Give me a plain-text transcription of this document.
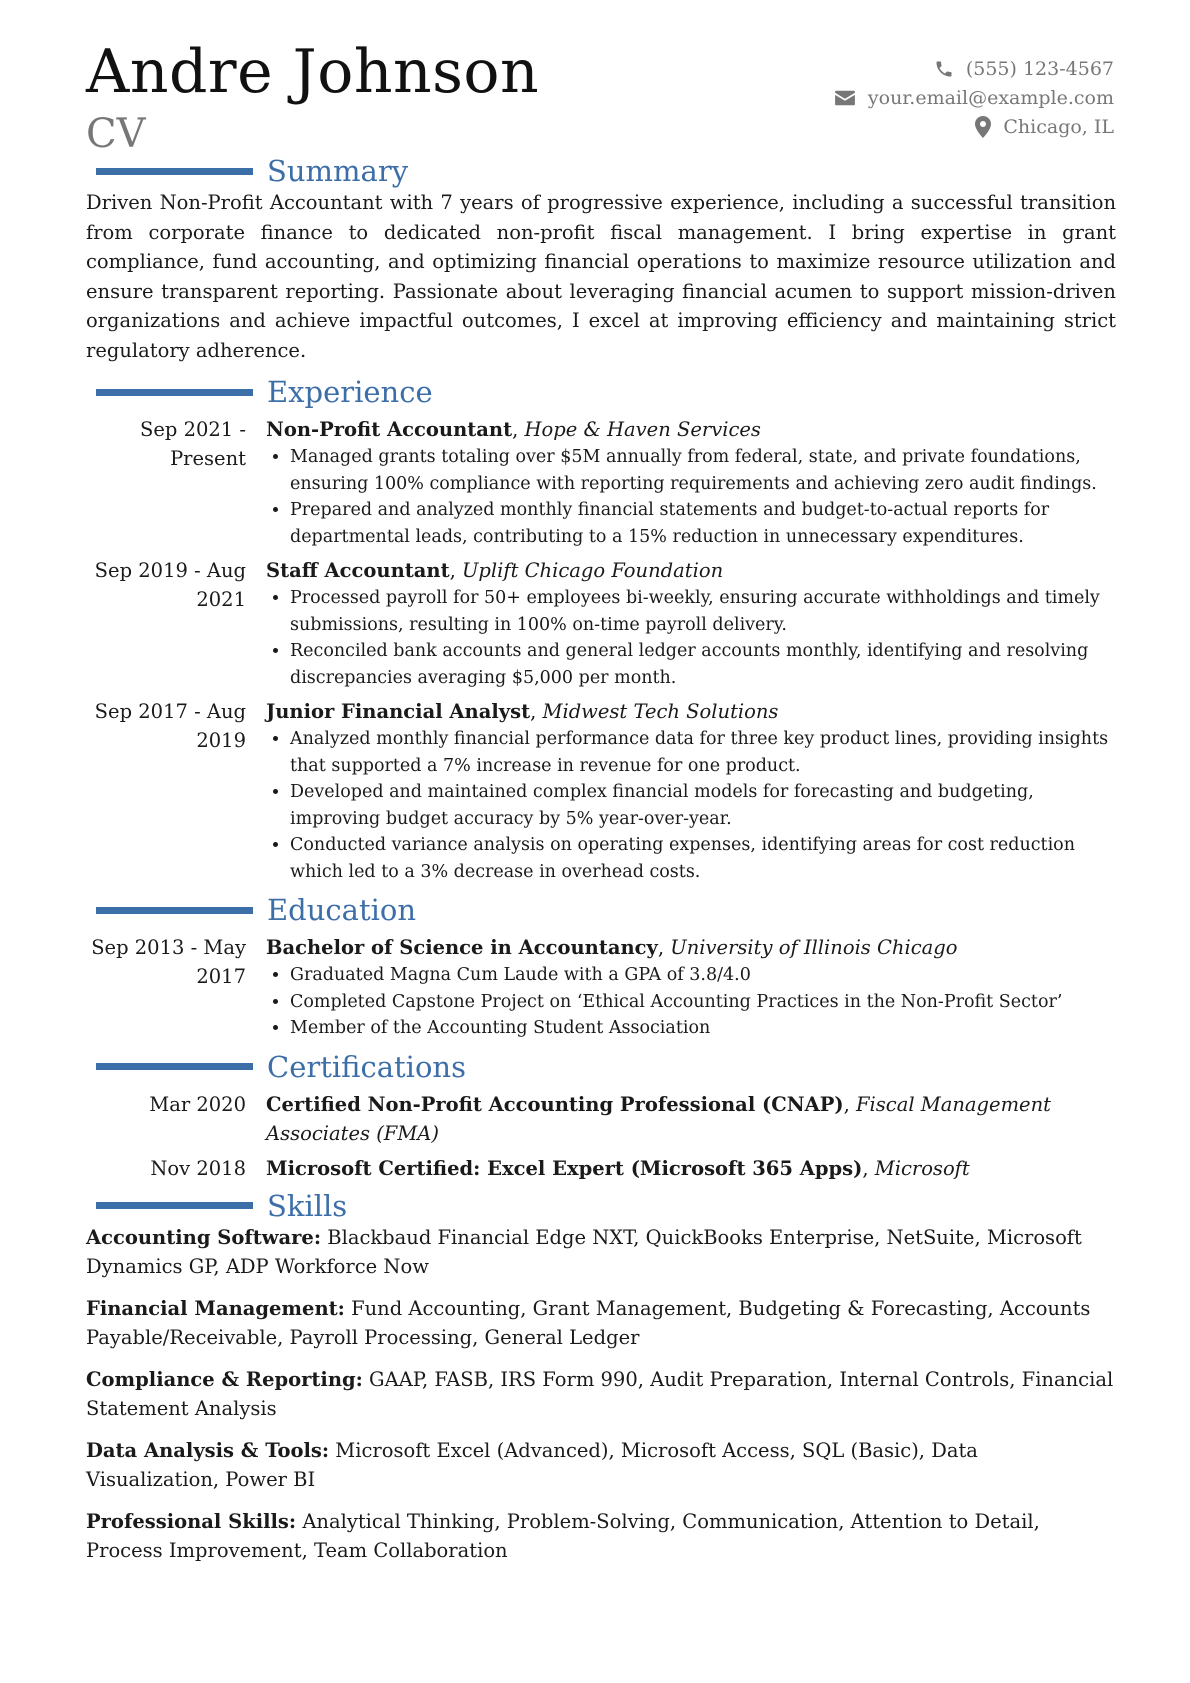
Andre Johnson
CV
(555) 123-4567
your.email@example.com
Chicago, IL
Summary

Driven Non-Profit Accountant with 7 years of progressive experience, including a successful transition from corporate finance to dedicated non-profit fiscal management. I bring expertise in grant compliance, fund accounting, and optimizing financial operations to maximize resource utilization and ensure transparent reporting. Passionate about leveraging financial acumen to support mission-driven organizations and achieve impactful outcomes, I excel at improving efficiency and maintaining strict regulatory adherence.

Experience
Sep 2021 - Present
Non-Profit Accountant, Hope & Haven Services
• Managed grants totaling over $5M annually from federal, state, and private foundations, ensuring 100% compliance with reporting requirements and achieving zero audit findings.
• Prepared and analyzed monthly financial statements and budget-to-actual reports for departmental leads, contributing to a 15% reduction in unnecessary expenditures.
Sep 2019 - Aug 2021
Staff Accountant, Uplift Chicago Foundation
• Processed payroll for 50+ employees bi-weekly, ensuring accurate withholdings and timely submissions, resulting in 100% on-time payroll delivery.
• Reconciled bank accounts and general ledger accounts monthly, identifying and resolving discrepancies averaging $5,000 per month.
Sep 2017 - Aug 2019
Junior Financial Analyst, Midwest Tech Solutions
• Analyzed monthly financial performance data for three key product lines, providing insights that supported a 7% increase in revenue for one product.
• Developed and maintained complex financial models for forecasting and budgeting, improving budget accuracy by 5% year-over-year.
• Conducted variance analysis on operating expenses, identifying areas for cost reduction which led to a 3% decrease in overhead costs.
Education
Sep 2013 - May 2017
Bachelor of Science in Accountancy, University of Illinois Chicago
• Graduated Magna Cum Laude with a GPA of 3.8/4.0
• Completed Capstone Project on ‘Ethical Accounting Practices in the Non-Profit Sector’
• Member of the Accounting Student Association
Certifications
Mar 2020 Certified Non-Profit Accounting Professional (CNAP), Fiscal Management Associates (FMA)
Nov 2018 Microsoft Certified: Excel Expert (Microsoft 365 Apps), Microsoft
Skills

Accounting Software: Blackbaud Financial Edge NXT, QuickBooks Enterprise, NetSuite, Microsoft Dynamics GP, ADP Workforce Now

Financial Management: Fund Accounting, Grant Management, Budgeting & Forecasting, Accounts Payable/Receivable, Payroll Processing, General Ledger

Compliance & Reporting: GAAP, FASB, IRS Form 990, Audit Preparation, Internal Controls, Financial Statement Analysis

Data Analysis & Tools: Microsoft Excel (Advanced), Microsoft Access, SQL (Basic), Data Visualization, Power BI

Professional Skills: Analytical Thinking, Problem-Solving, Communication, Attention to Detail, Process Improvement, Team Collaboration
